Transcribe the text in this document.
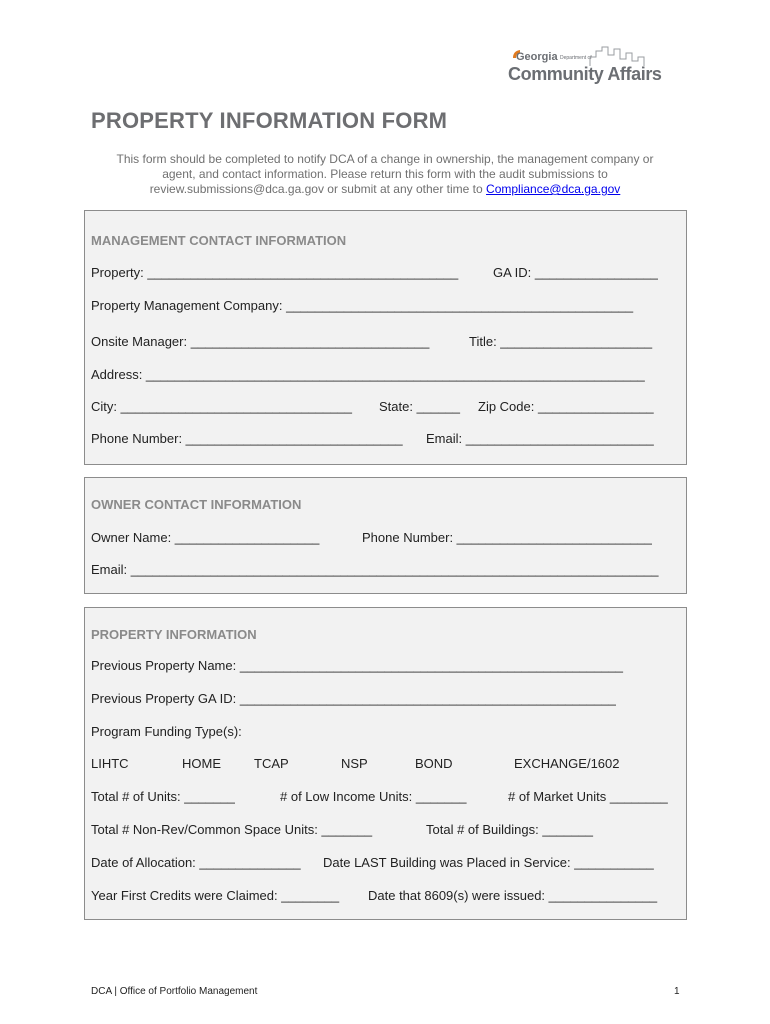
Georgia Department of
Community Affairs
PROPERTY INFORMATION FORM
This form should be completed to notify DCA of a change in ownership, the management company or
agent, and contact information. Please return this form with the audit submissions to
review.submissions@dca.ga.gov or submit at any other time to Compliance@dca.ga.gov
MANAGEMENT CONTACT INFORMATION
Property: ___________________________________________	GA ID: _________________
Property Management Company: ________________________________________________
Onsite Manager: _________________________________	Title: _____________________
Address: _____________________________________________________________________
City: ________________________________ State: ______ Zip Code: ________________
Phone Number: ______________________________ Email: __________________________
OWNER CONTACT INFORMATION
Owner Name: ____________________	Phone Number: ___________________________
Email: _________________________________________________________________________
PROPERTY INFORMATION
Previous Property Name: _____________________________________________________
Previous Property GA ID: ____________________________________________________
Program Funding Type(s):
LIHTC	HOME	TCAP	NSP	BOND	EXCHANGE/1602
Total # of Units: _______	# of Low Income Units: _______	# of Market Units ________
Total # Non-Rev/Common Space Units: _______	Total # of Buildings: _______
Date of Allocation: ______________ Date LAST Building was Placed in Service: ___________
Year First Credits were Claimed: ________ Date that 8609(s) were issued: _______________
DCA | Office of Portfolio Management	1
